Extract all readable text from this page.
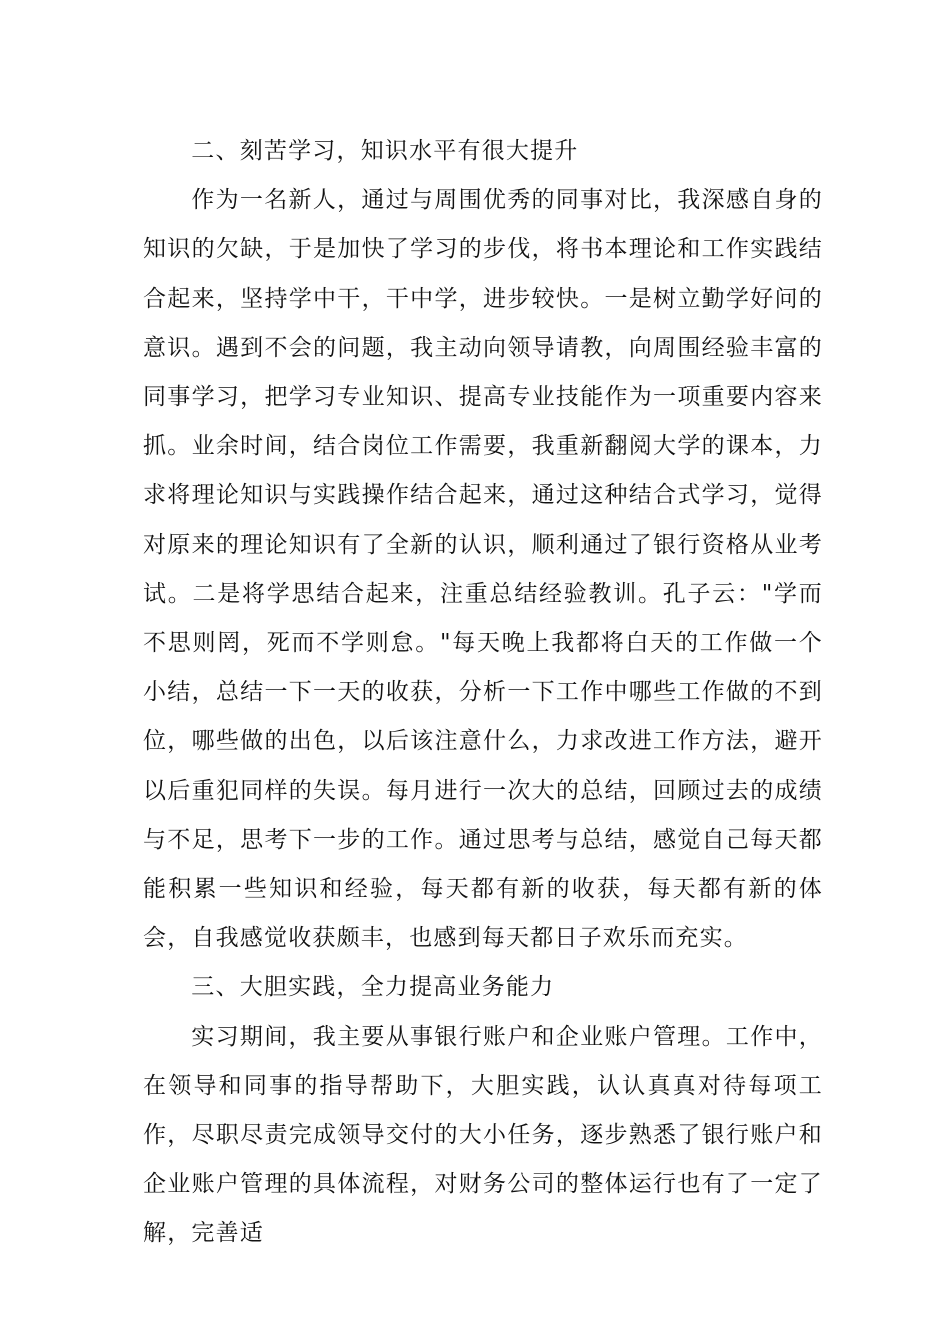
二、刻苦学习，知识水平有很大提升

作为一名新人，通过与周围优秀的同事对比，我深感自身的知识的欠缺，于是加快了学习的步伐，将书本理论和工作实践结合起来，坚持学中干，干中学，进步较快。一是树立勤学好问的意识。遇到不会的问题，我主动向领导请教，向周围经验丰富的同事学习，把学习专业知识、提高专业技能作为一项重要内容来抓。业余时间，结合岗位工作需要，我重新翻阅大学的课本，力求将理论知识与实践操作结合起来，通过这种结合式学习，觉得对原来的理论知识有了全新的认识，顺利通过了银行资格从业考试。二是将学思结合起来，注重总结经验教训。孔子云："学而不思则罔，死而不学则怠。"每天晚上我都将白天的工作做一个小结，总结一下一天的收获，分析一下工作中哪些工作做的不到位，哪些做的出色，以后该注意什么，力求改进工作方法，避开以后重犯同样的失误。每月进行一次大的总结，回顾过去的成绩与不足，思考下一步的工作。通过思考与总结，感觉自己每天都能积累一些知识和经验，每天都有新的收获，每天都有新的体会，自我感觉收获颇丰，也感到每天都日子欢乐而充实。

三、大胆实践，全力提高业务能力

实习期间，我主要从事银行账户和企业账户管理。工作中，在领导和同事的指导帮助下，大胆实践，认认真真对待每项工作，尽职尽责完成领导交付的大小任务，逐步熟悉了银行账户和企业账户管理的具体流程，对财务公司的整体运行也有了一定了解，完善适
